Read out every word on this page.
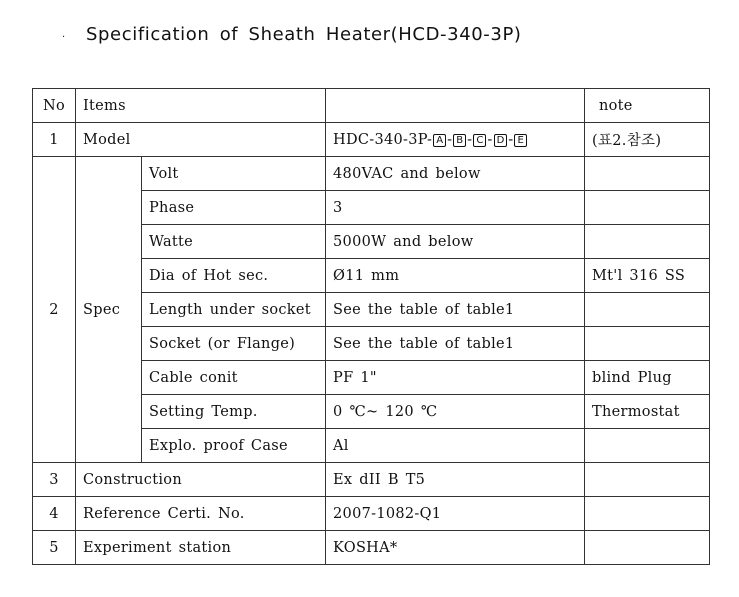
. Specification of Sheath Heater(HCD-340-3P)
No	Items			note
1	Model		HDC-340-3P- A - B - C - D - E	(표2.참조)
2	Spec	Volt	480VAC and below	
		Phase	3	
		Watte	5000W and below	
		Dia of Hot sec.	Ø11 mm	Mt'l 316 SS
		Length under socket	See the table of table1	
		Socket (or Flange)	See the table of table1	
		Cable conit	PF 1"	blind Plug
		Setting Temp.	0 ℃~ 120 ℃	Thermostat
		Explo. proof Case	Al	
3	Construction		Ex dII B T5	
4	Reference Certi. No.		2007-1082-Q1	
5	Experiment station		KOSHA*	
